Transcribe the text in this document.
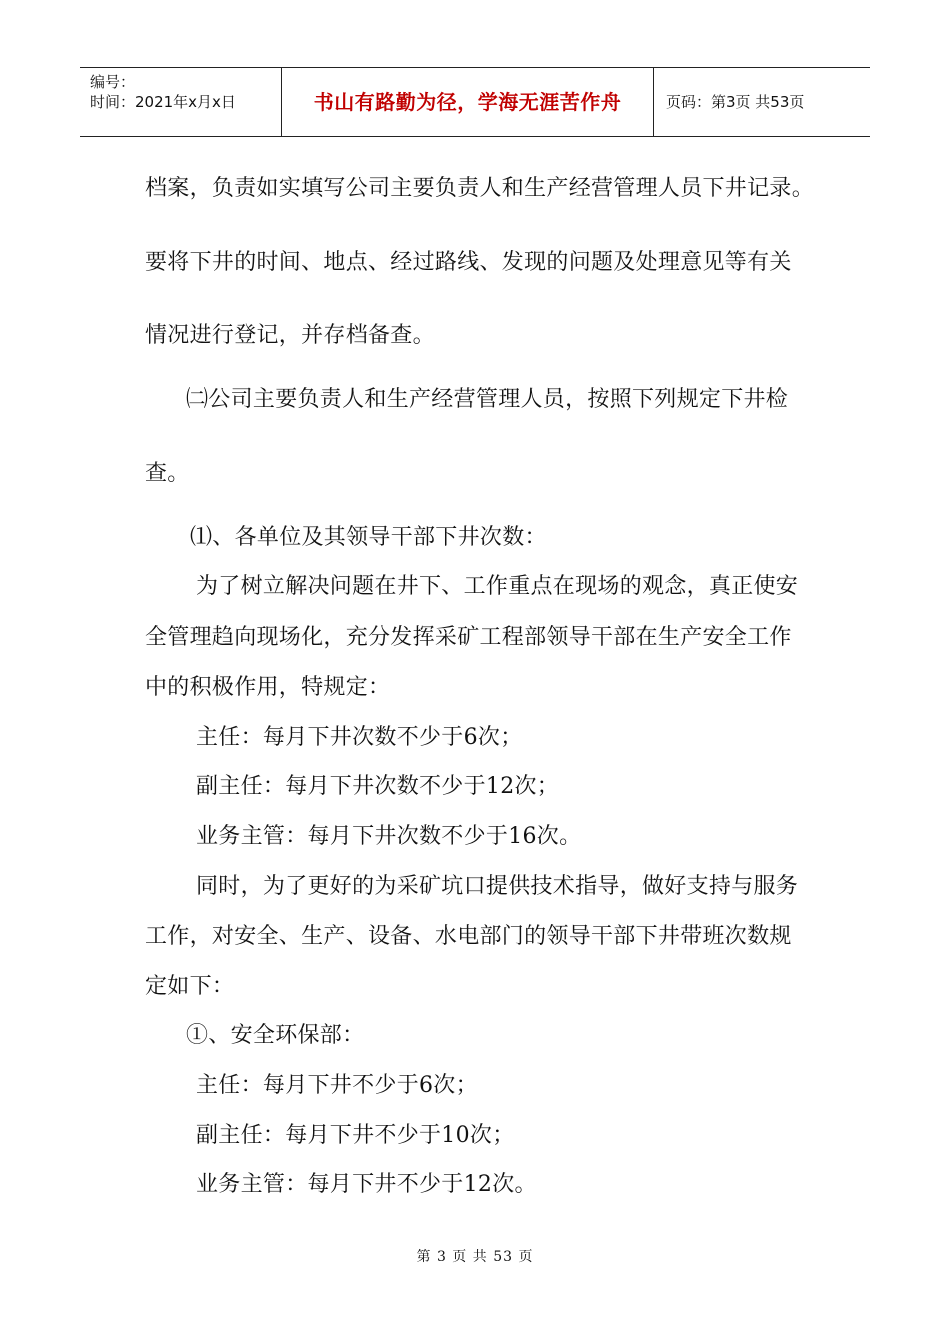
编号：
时间：2021年x月x日	书山有路勤为径，学海无涯苦作舟	页码：第3页 共53页
档案，负责如实填写公司主要负责人和生产经营管理人员下井记录。
要将下井的时间、地点、经过路线、发现的问题及处理意见等有关
情况进行登记，并存档备查。
㈡公司主要负责人和生产经营管理人员，按照下列规定下井检
查。
⑴、各单位及其领导干部下井次数：
为了树立解决问题在井下、工作重点在现场的观念，真正使安
全管理趋向现场化，充分发挥采矿工程部领导干部在生产安全工作
中的积极作用，特规定：
主任：每月下井次数不少于6次；
副主任：每月下井次数不少于12次；
业务主管：每月下井次数不少于16次。
同时，为了更好的为采矿坑口提供技术指导，做好支持与服务
工作，对安全、生产、设备、水电部门的领导干部下井带班次数规
定如下：
①、安全环保部：
主任：每月下井不少于6次；
副主任：每月下井不少于10次；
业务主管：每月下井不少于12次。
第 3 页 共 53 页
